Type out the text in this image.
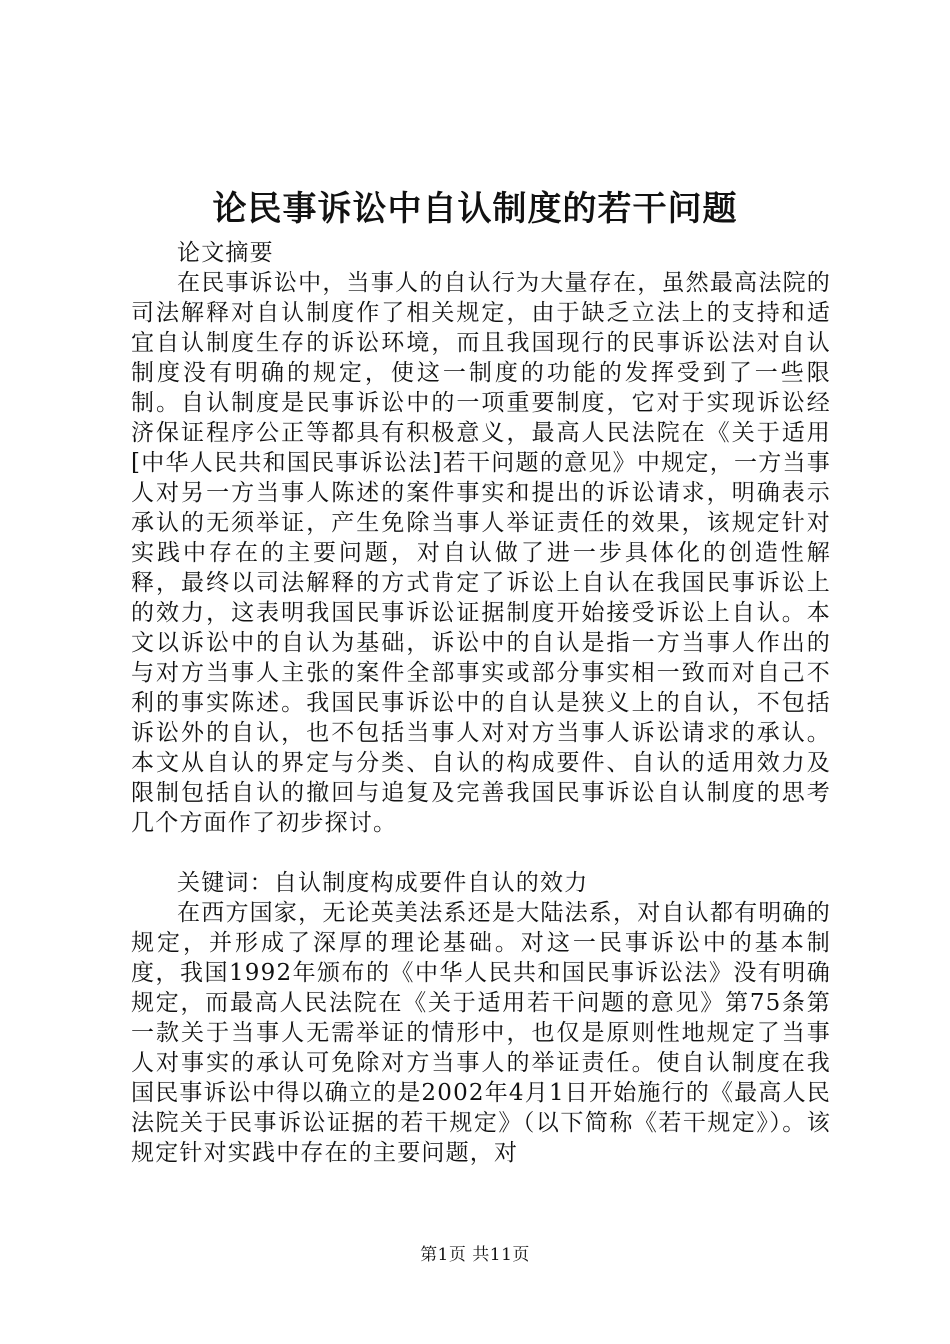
论民事诉讼中自认制度的若干问题

论文摘要

在民事诉讼中，当事人的自认行为大量存在，虽然最高法院的司法解释对自认制度作了相关规定，由于缺乏立法上的支持和适宜自认制度生存的诉讼环境，而且我国现行的民事诉讼法对自认制度没有明确的规定，使这一制度的功能的发挥受到了一些限制。自认制度是民事诉讼中的一项重要制度，它对于实现诉讼经济保证程序公正等都具有积极意义，最高人民法院在《关于适用[中华人民共和国民事诉讼法]若干问题的意见》中规定，一方当事人对另一方当事人陈述的案件事实和提出的诉讼请求，明确表示承认的无须举证，产生免除当事人举证责任的效果，该规定针对实践中存在的主要问题，对自认做了进一步具体化的创造性解释，最终以司法解释的方式肯定了诉讼上自认在我国民事诉讼上的效力，这表明我国民事诉讼证据制度开始接受诉讼上自认。本文以诉讼中的自认为基础，诉讼中的自认是指一方当事人作出的与对方当事人主张的案件全部事实或部分事实相一致而对自己不利的事实陈述。我国民事诉讼中的自认是狭义上的自认，不包括诉讼外的自认，也不包括当事人对对方当事人诉讼请求的承认。本文从自认的界定与分类、自认的构成要件、自认的适用效力及限制包括自认的撤回与追复及完善我国民事诉讼自认制度的思考几个方面作了初步探讨。

关键词：自认制度构成要件自认的效力

在西方国家，无论英美法系还是大陆法系，对自认都有明确的规定，并形成了深厚的理论基础。对这一民事诉讼中的基本制度，我国1992年颁布的《中华人民共和国民事诉讼法》没有明确规定，而最高人民法院在《关于适用若干问题的意见》第75条第一款关于当事人无需举证的情形中，也仅是原则性地规定了当事人对事实的承认可免除对方当事人的举证责任。使自认制度在我国民事诉讼中得以确立的是2002年4月1日开始施行的《最高人民法院关于民事诉讼证据的若干规定》（以下简称《若干规定》）。该规定针对实践中存在的主要问题，对

第1页 共11页
